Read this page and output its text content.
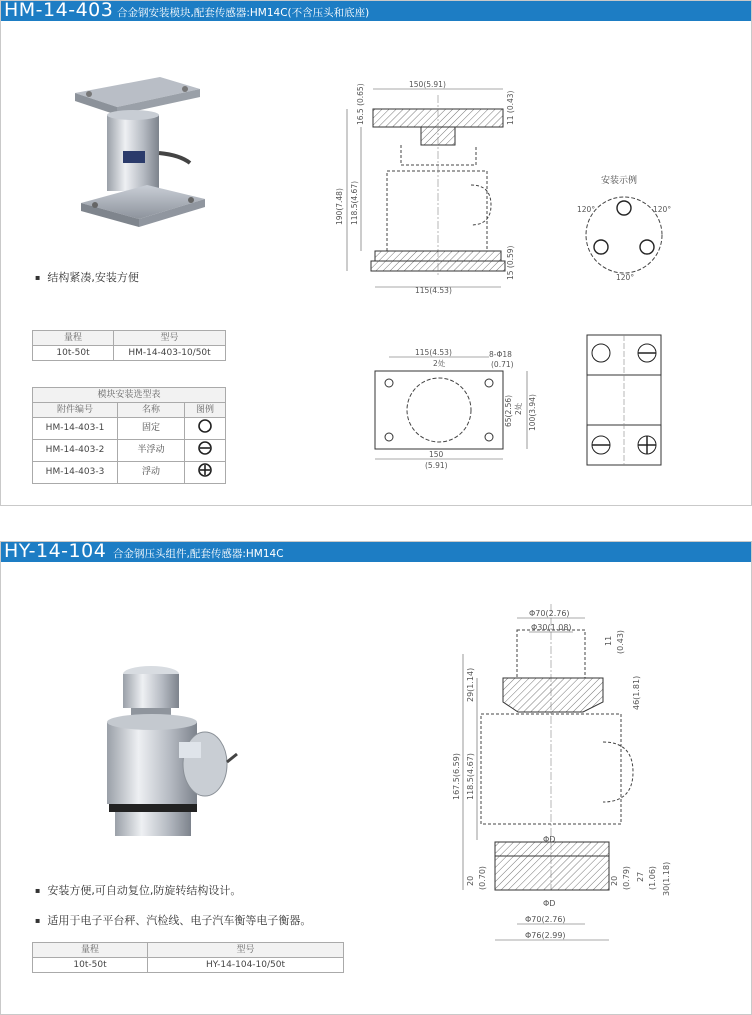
HM-14-403 合金钢安装模块,配套传感器:HM14C(不含压头和底座)
▪ 结构紧凑,安装方便
量程	型号
10t-50t	HM-14-403-10/50t
模块安装选型表		
附件编号	名称	图例
HM-14-403-1	固定	
HM-14-403-2	半浮动	
HM-14-403-3	浮动	
150(5.91)
190(7.48) 118.5(4.67)
16.5 (0.65)	11 (0.43)
15 (0.59)
115(4.53)
安装示例
120°	120°
120°
115(4.53)
2处
8-Φ18
(0.71)
65(2.56) 2处 100(3.94)
150
(5.91)
HY-14-104 合金钢压头组件,配套传感器:HM14C
▪ 安装方便,可自动复位,防旋转结构设计。
▪ 适用于电子平台秤、汽检线、电子汽车衡等电子衡器。
量程	型号
10t-50t	HY-14-104-10/50t
Φ70(2.76)
Φ30(1.08)
11 (0.43)
29(1.14)	46(1.81)
167.5(6.59) 118.5(4.67)
ΦD
20 (0.70)	20 (0.79) 27 (1.06) 30(1.18)
ΦD
Φ70(2.76)
Φ76(2.99)
